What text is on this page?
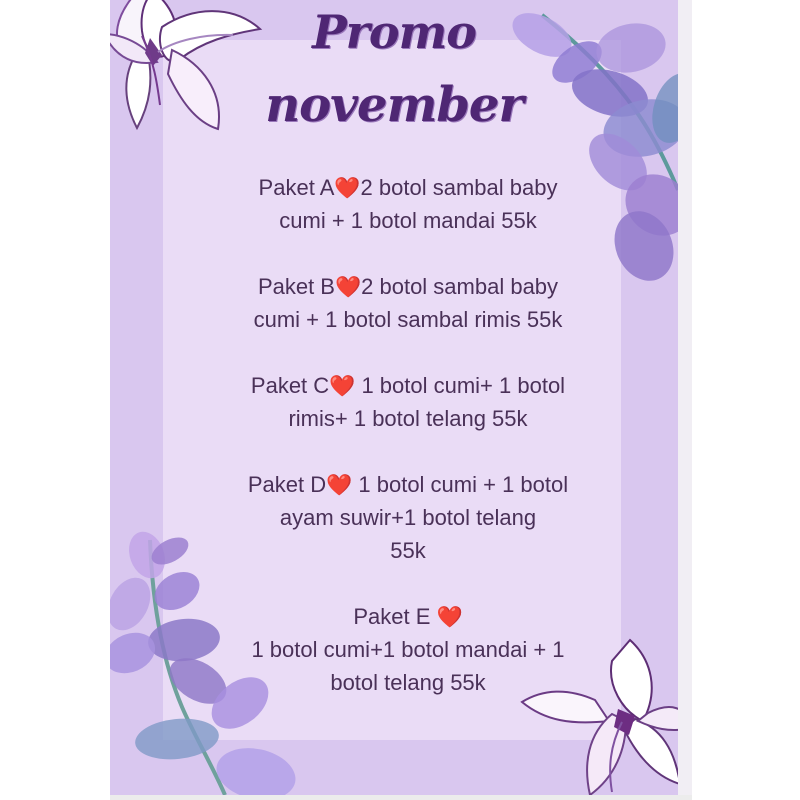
Promo
november
Paket A❤️2 botol sambal baby
cumi + 1 botol mandai 55k
Paket B❤️2 botol sambal baby
cumi + 1 botol sambal rimis 55k
Paket C❤️ 1 botol cumi+ 1 botol
rimis+ 1 botol telang 55k
Paket D❤️ 1 botol cumi + 1 botol
ayam suwir+1 botol telang
55k
Paket E ❤️
1 botol cumi+1 botol mandai + 1
botol telang 55k
